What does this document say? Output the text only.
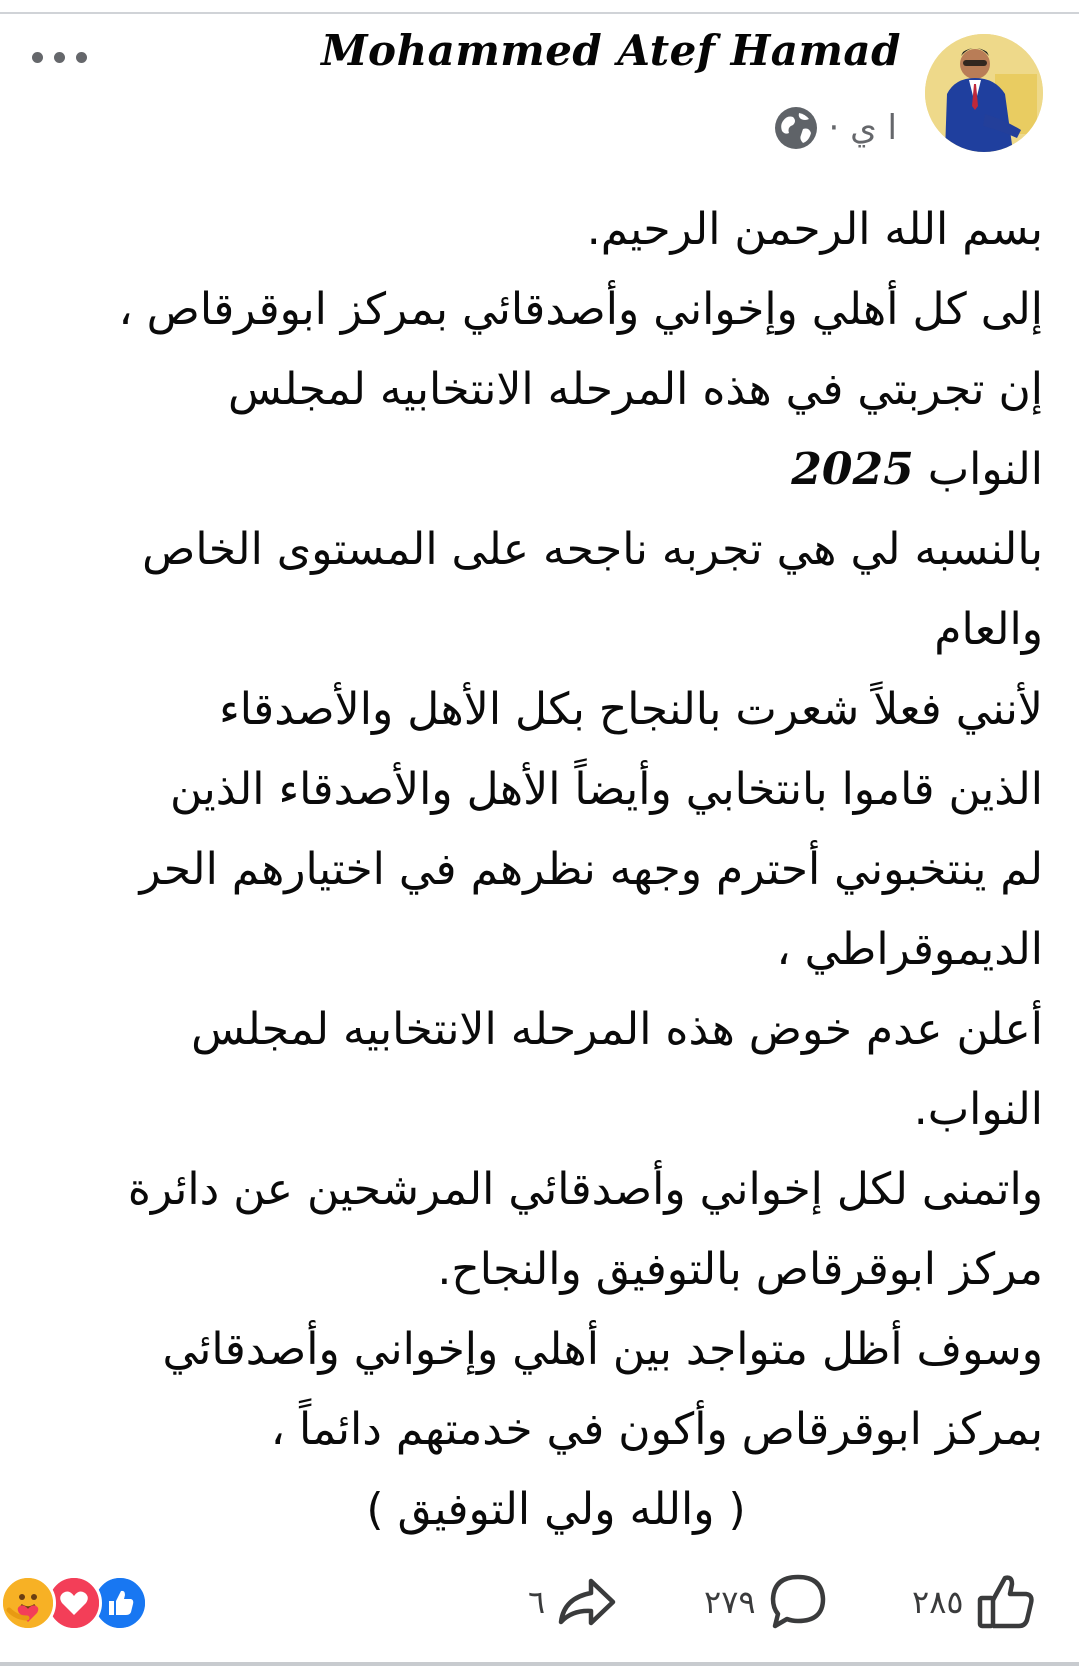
Mohammed Atef Hamad
ا ي ·
بسم الله الرحمن الرحيم.
إلى كل أهلي وإخواني وأصدقائي بمركز ابوقرقاص ،
إن تجربتي في هذه المرحله الانتخابيه لمجلس
النواب 2025
بالنسبه لي هي تجربه ناجحه على المستوى الخاص
والعام
لأنني فعلاً شعرت بالنجاح بكل الأهل والأصدقاء
الذين قاموا بانتخابي وأيضاً الأهل والأصدقاء الذين
لم ينتخبوني أحترم وجهه نظرهم في اختيارهم الحر
الديموقراطي ،
أعلن عدم خوض هذه المرحله الانتخابيه لمجلس
النواب.
واتمنى لكل إخواني وأصدقائي المرشحين عن دائرة
مركز ابوقرقاص بالتوفيق والنجاح.
وسوف أظل متواجد بين أهلي وإخواني وأصدقائي
بمركز ابوقرقاص وأكون في خدمتهم دائماً ،
( والله ولي التوفيق )
٦	٢٧٩	٢٨٥
